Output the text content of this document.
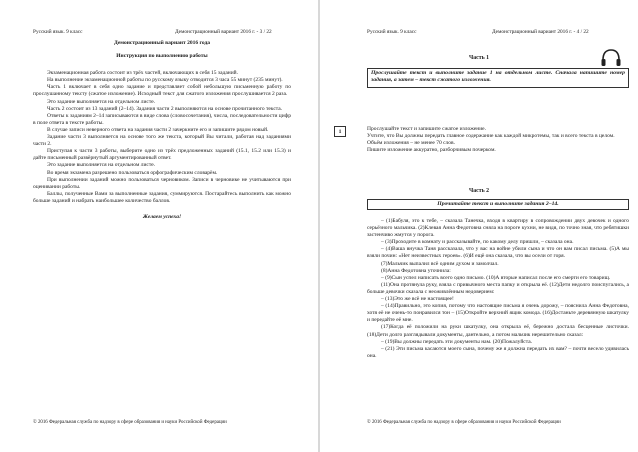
Русский язык. 9 класс	Демонстрационный вариант 2016 г. - 3 / 22

Демонстрационный вариант 2016 года

Инструкция по выполнению работы

Экзаменационная работа состоит из трёх частей, включающих в себя 15 заданий.

На выполнение экзаменационной работы по русскому языку отводится 3 часа 55 минут (235 минут).

Часть 1 включает в себя одно задание и представляет собой небольшую письменную работу по прослушанному тексту (сжатое изложение). Исходный текст для сжатого изложения прослушивается 2 раза.

Это задание выполняется на отдельном листе.

Часть 2 состоит из 13 заданий (2–14). Задания части 2 выполняются на основе прочитанного текста.

Ответы к заданиям 2–14 записываются в виде слова (словосочетания), числа, последовательности цифр в поле ответа в тексте работы.

В случае записи неверного ответа на задания части 2 зачеркните его и запишите рядом новый.

Задание части 3 выполняется на основе того же текста, который Вы читали, работая над заданиями части 2.

Приступая к части 3 работы, выберите одно из трёх предложенных заданий (15.1, 15.2 или 15.3) и дайте письменный развёрнутый аргументированный ответ.

Это задание выполняется на отдельном листе.

Во время экзамена разрешено пользоваться орфографическим словарём.

При выполнении заданий можно пользоваться черновиком. Записи в черновике не учитываются при оценивании работы.

Баллы, полученные Вами за выполненные задания, суммируются. Постарайтесь выполнить как можно больше заданий и набрать наибольшее количество баллов.

Желаем успеха!

© 2016 Федеральная служба по надзору в сфере образования и науки Российской Федерации
Русский язык. 9 класс	Демонстрационный вариант 2016 г. - 4 / 22
Часть 1
Прослушайте текст и выполните задание 1 на отдельном листе. Сначала напишите номер задания, а затем – текст сжатого изложения.
Прослушайте текст и запишите сжатое изложение.
Учтите, что Вы должны передать главное содержание как каждой микротемы, так и всего текста в целом.
Объём изложения – не менее 70 слов.
Пишите изложение аккуратно, разборчивым почерком.
Часть 2
Прочитайте текст и выполните задания 2–14.

– (1)Бабуля, это к тебе, – сказала Танечка, входя в квартиру в сопровождении двух девочек и одного серьёзного мальчика. (2)Клевая Анна Федотовна сняла на пороге кухни, не видя, по точно зная, что ребятишки застенчиво жмутся у порога.

– (3)Проходите в комнату и рассказывайте, по какому делу пришли, – сказала она.

– (4)Ваша внучка Таня рассказала, что у вас на войне убили сына и что он вам писал письма. (5)А мы взяли почин: «Нет неизвестных героев». (6)И ещё она сказала, что вы осели от горя.

(7)Мальчик выпалил всё одним духом и замолчал.

(8)Анна Федотовна уточнила:

– (9)Сын успел написать всего одно письмо. (10)А вторые написал после его смерти его товарищ.

(11)Она протянула руку, взяла с привычного места папку и открыла её. (12)Дети недолго поиспугались, а больше девочки сказала с неоживлённым недоверием:

– (13)Это же всё не настоящее!

– (14)Правильно, это копия, потому что настоящие письма я очень дорожу, – пояснила Анна Федотовна, хотя её не очень-то понравился тон – (15)Откройте верхний ящик комода. (16)Достаньте деревянную шкатулку и передайте её мне.

(17)Когда её положили на руки шкатулку, она открыла её, бережно достала бесценные листочки. (18)Дети долго разглядывали документы, дантельно, а потом мальчик нерешительно сказал:

– (19)Вы должны передать эти документы нам. (20)Пожалуйста.

– (21) Эти письма касаются моего сына, почему же я должна передать их вам? – почти весело удивилась она.

© 2016 Федеральная служба по надзору в сфере образования и науки Российской Федерации
1
